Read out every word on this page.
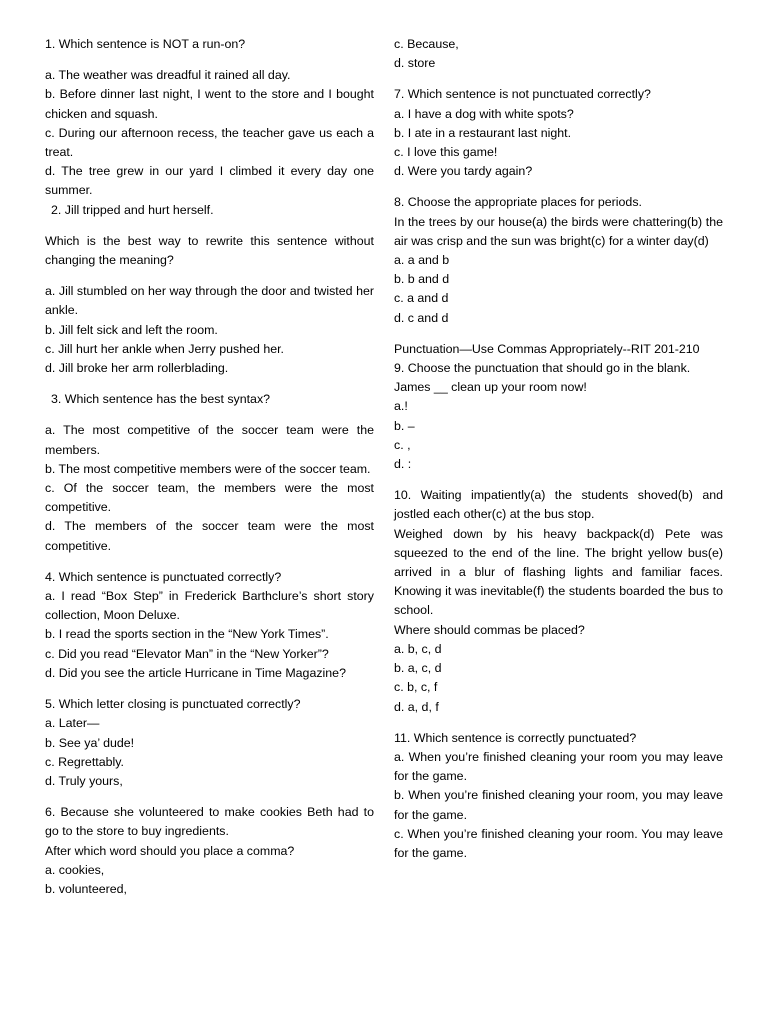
1. Which sentence is NOT a run-on?

a. The weather was dreadful it rained all day.

b. Before dinner last night, I went to the store and I bought chicken and squash.

c. During our afternoon recess, the teacher gave us each a treat.

d. The tree grew in our yard I climbed it every day one summer.

2. Jill tripped and hurt herself.

Which is the best way to rewrite this sentence without changing the meaning?

a. Jill stumbled on her way through the door and twisted her ankle.

b. Jill felt sick and left the room.

c. Jill hurt her ankle when Jerry pushed her.

d. Jill broke her arm rollerblading.

3. Which sentence has the best syntax?

a. The most competitive of the soccer team were the members.

b. The most competitive members were of the soccer team.

c. Of the soccer team, the members were the most competitive.

d. The members of the soccer team were the most competitive.

4. Which sentence is punctuated correctly?

a. I read “Box Step” in Frederick Barthclure’s short story collection, Moon Deluxe.

b. I read the sports section in the “New York Times”.

c. Did you read “Elevator Man” in the “New Yorker”?

d. Did you see the article Hurricane in Time Magazine?

5. Which letter closing is punctuated correctly?

a. Later—

b. See ya’ dude!

c. Regrettably.

d. Truly yours,

6. Because she volunteered to make cookies Beth had to go to the store to buy ingredients.

After which word should you place a comma?

a. cookies,

b. volunteered,

c. Because,

d. store

7. Which sentence is not punctuated correctly?

a. I have a dog with white spots?

b. I ate in a restaurant last night.

c. I love this game!

d. Were you tardy again?

8. Choose the appropriate places for periods.

In the trees by our house(a) the birds were chattering(b) the air was crisp and the sun was bright(c) for a winter day(d)

a. a and b

b. b and d

c. a and d

d. c and d

Punctuation—Use Commas Appropriately--RIT 201-210

9. Choose the punctuation that should go in the blank.

James __ clean up your room now!

a.!

b. –

c. ,

d. :

10. Waiting impatiently(a) the students shoved(b) and jostled each other(c) at the bus stop.

Weighed down by his heavy backpack(d) Pete was squeezed to the end of the line. The bright yellow bus(e) arrived in a blur of flashing lights and familiar faces. Knowing it was inevitable(f) the students boarded the bus to school.

Where should commas be placed?

a. b, c, d

b. a, c, d

c. b, c, f

d. a, d, f

11. Which sentence is correctly punctuated?

a. When you’re finished cleaning your room you may leave for the game.

b. When you’re finished cleaning your room, you may leave for the game.

c. When you’re finished cleaning your room. You may leave for the game.
